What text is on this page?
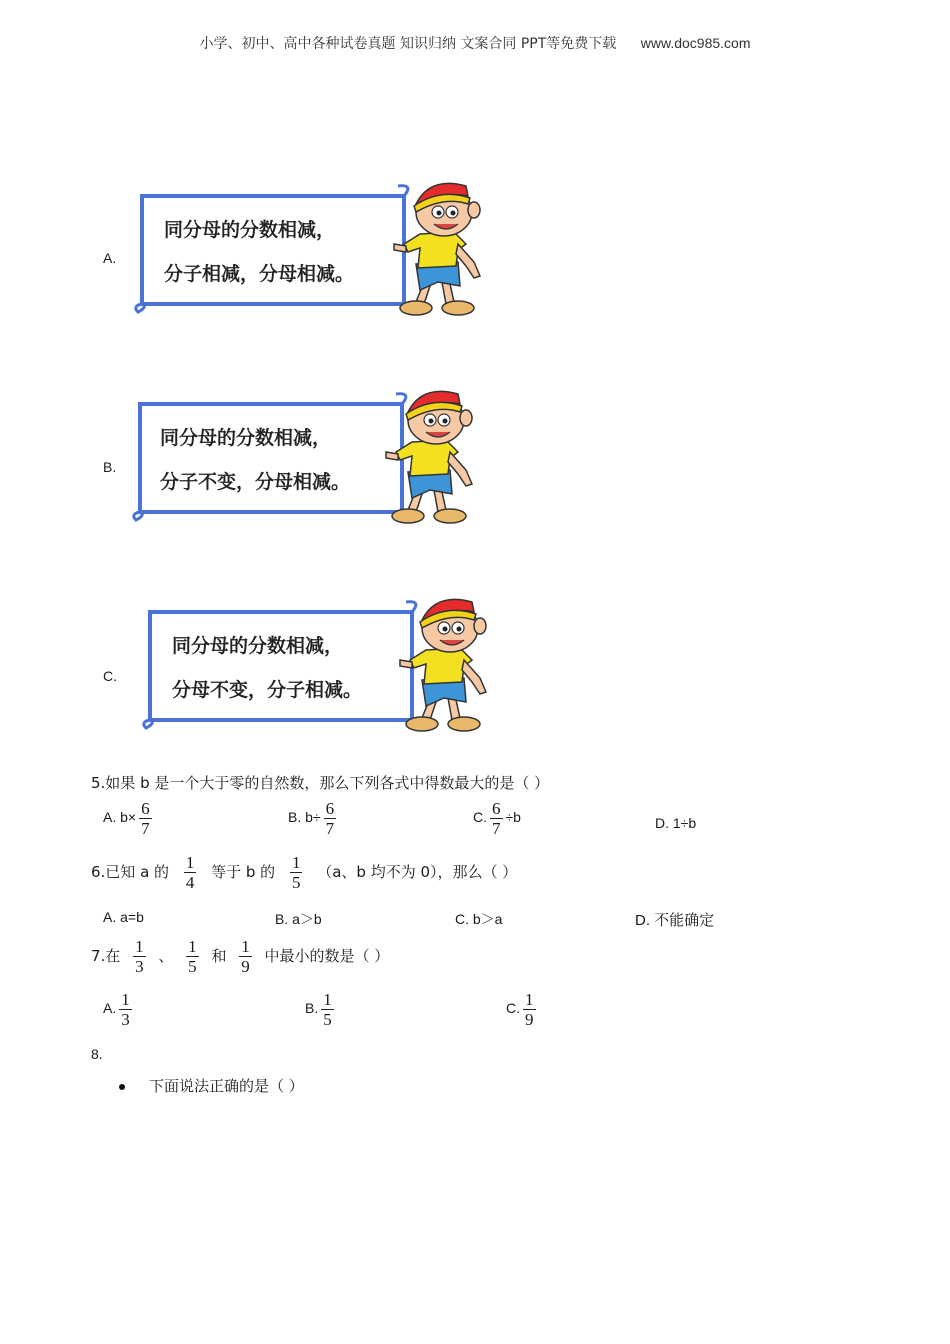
小学、初中、高中各种试卷真题 知识归纳 文案合同 PPT等免费下载 www.doc985.com
A.
同分母的分数相减，
分子相减，分母相减。
B.
同分母的分数相减，
分子不变，分母相减。
C.
同分母的分数相减，
分母不变，分子相减。
5.如果 b 是一个大于零的自然数，那么下列各式中得数最大的是（ ）
A. $b\times \frac{6}{7}$	B. $b\div \frac{6}{7}$	C. $\frac{6}{7} \div b$	D. 1÷b
6.已知 a 的 $\frac{1}{4}$ 等于 b 的 $\frac{1}{5} (a$、b 均不为 0），那么（ ）
A. a=b	B. a＞b	C. b＞a	D. 不能确定
7.在 $\frac{1}{3}$ 、 $\frac{1}{5}$ 和 $\frac{1}{9}$ 中最小的数是（ ）
A. $\frac{1}{3}$	B. $\frac{1}{5}$	C. $\frac{1}{9}$
8.
下面说法正确的是（ ）
